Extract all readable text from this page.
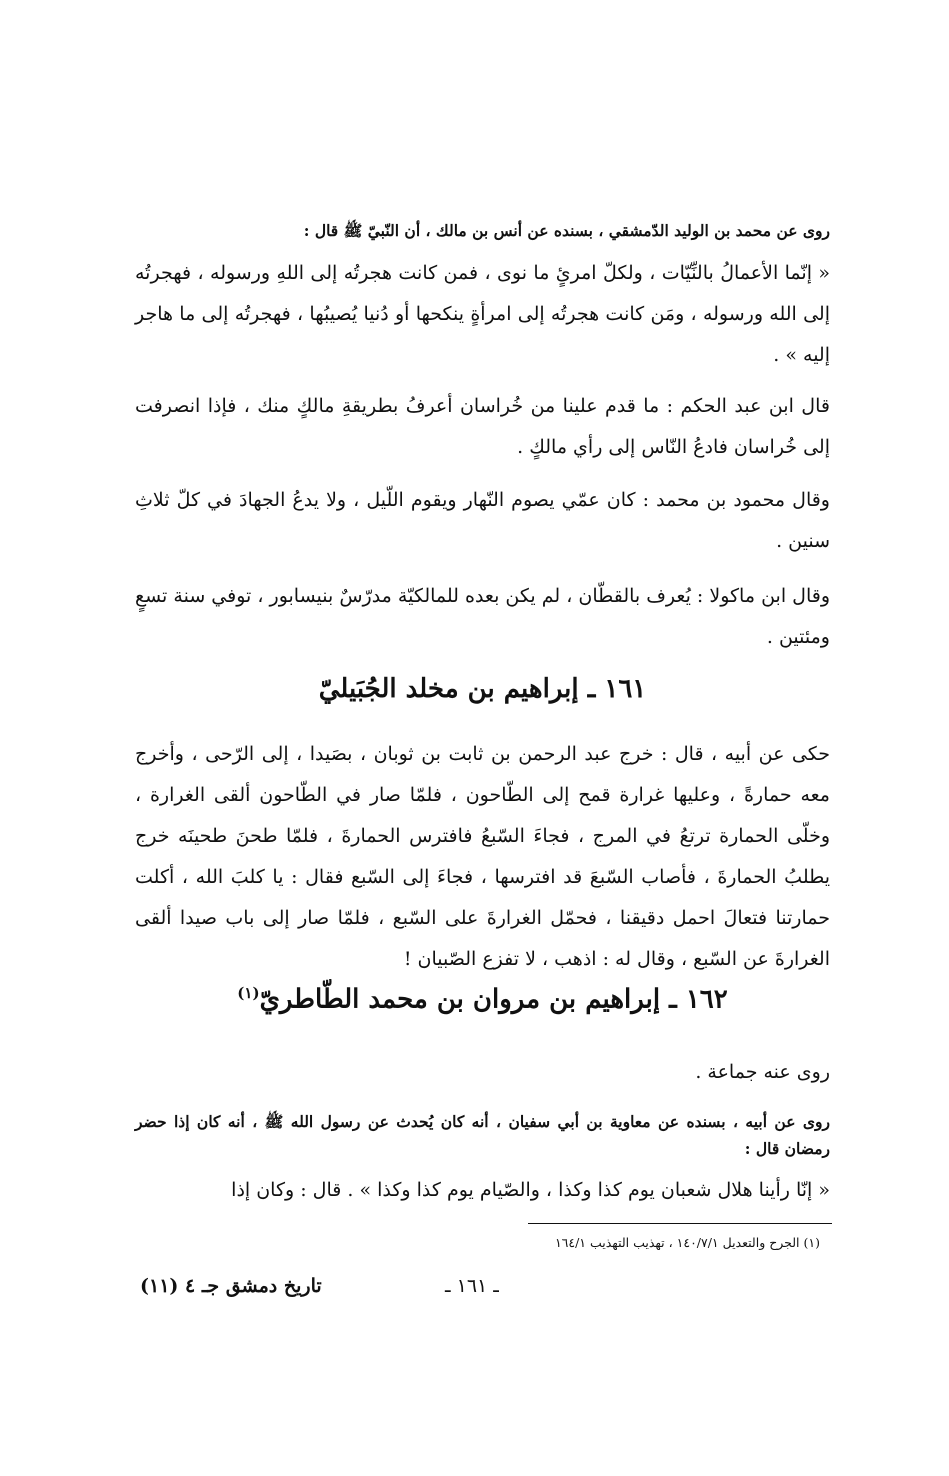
روى عن محمد بن الوليد الدّمشقي ، بسنده عن أنس بن مالك ، أن النّبيّ ﷺ قال :
« إنّما الأعمالُ بالنِّيّات ، ولكلّ امرئٍ ما نوى ، فمن كانت هجرتُه إلى اللهِ ورسوله ، فهجرتُه إلى الله ورسوله ، ومَن كانت هجرتُه إلى امرأةٍ ينكحها أو دُنيا يُصيبُها ، فهجرتُه إلى ما هاجر إليه » .
قال ابن عبد الحكم : ما قدم علينا من خُراسان أعرفُ بطريقةِ مالكٍ منك ، فإذا انصرفت إلى خُراسان فادعُ النّاس إلى رأي مالكٍ .
وقال محمود بن محمد : كان عمّي يصوم النّهار ويقوم اللّيل ، ولا يدعُ الجهادَ في كلّ ثلاثِ سنين .
وقال ابن ماكولا : يُعرف بالقطّان ، لم يكن بعده للمالكيّة مدرّسٌ بنيسابور ، توفي سنة تسعٍ ومئتين .
١٦١ ـ إبراهيم بن مخلد الجُبَيليّ
حكى عن أبيه ، قال : خرج عبد الرحمن بن ثابت بن ثوبان ، بصَيدا ، إلى الرّحى ، وأخرج معه حمارةً ، وعليها غرارة قمح إلى الطّاحون ، فلمّا صار في الطّاحون ألقى الغرارة ، وخلّى الحمارة ترتعُ في المرج ، فجاءَ السّبعُ فافترس الحمارةَ ، فلمّا طحنَ طحينَه خرج يطلبُ الحمارةَ ، فأصاب السّبعَ قد افترسها ، فجاءَ إلى السّبع فقال : يا كلبَ الله ، أكلت حمارتنا فتعالَ احمل دقيقنا ، فحمّل الغرارةَ على السّبع ، فلمّا صار إلى باب صيدا ألقى الغرارةَ عن السّبع ، وقال له : اذهب ، لا تفزع الصّبيان !
١٦٢ ـ إبراهيم بن مروان بن محمد الطّاطريّ$^{(١)}$
روى عنه جماعة .
روى عن أبيه ، بسنده عن معاوية بن أبي سفيان ، أنه كان يُحدث عن رسول الله ﷺ ، أنه كان إذا حضر رمضان قال :
« إنّا رأينا هلال شعبان يوم كذا وكذا ، والصّيام يوم كذا وكذا » . قال : وكان إذا
(١) الجرح والتعديل ١٤٠/٧/١ ، تهذيب التهذيب ١٦٤/١
تاريخ دمشق جـ ٤ (١١)	ـ ١٦١ ـ
